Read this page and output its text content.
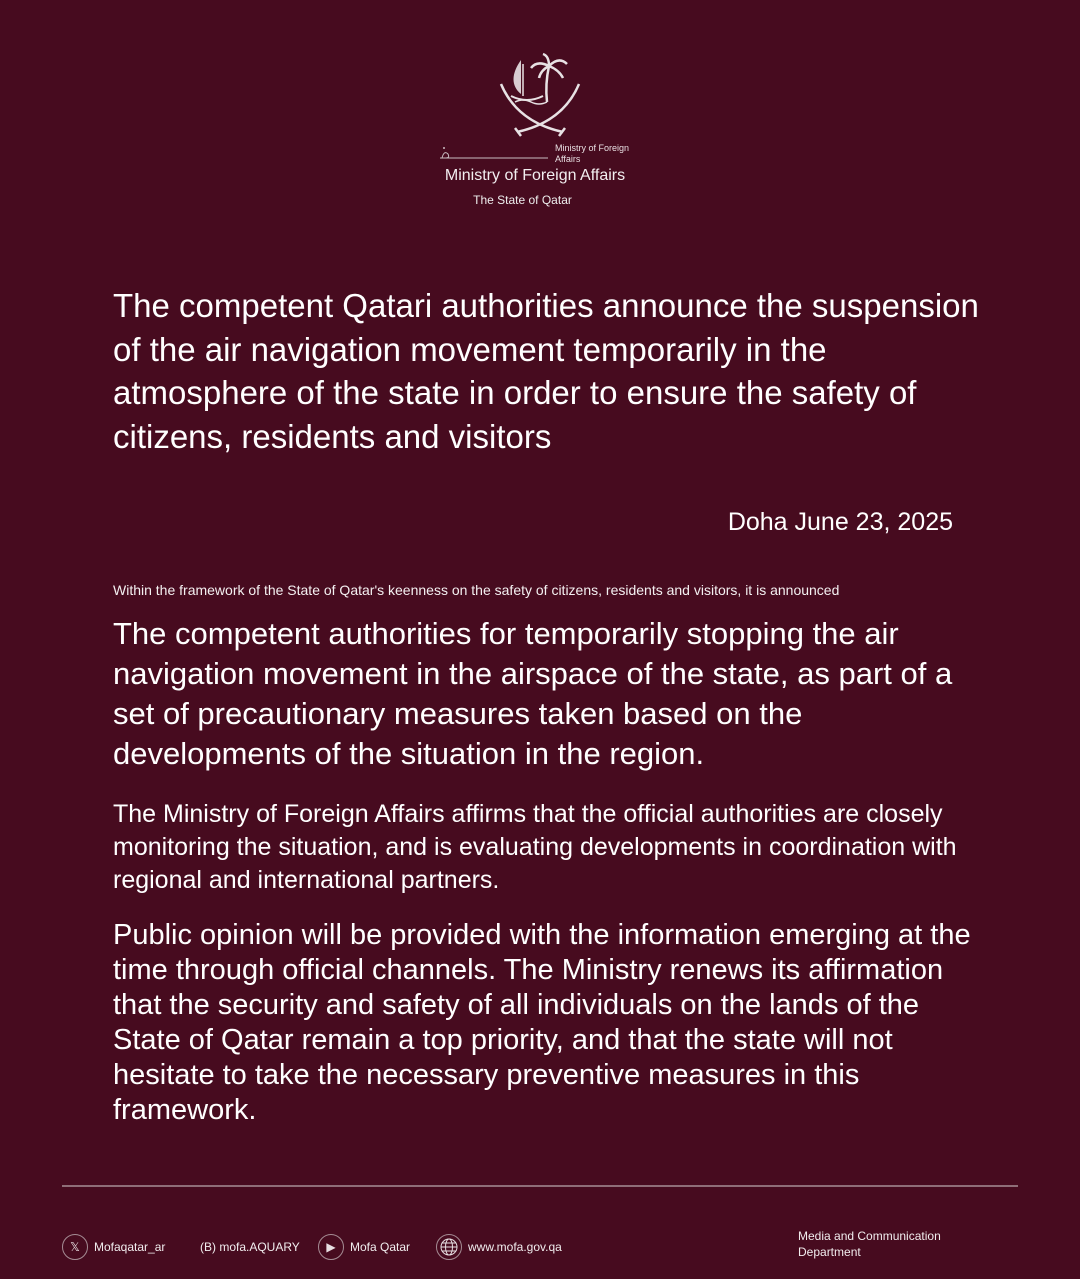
Ministry of Foreign Affairs
Ministry of Foreign Affairs
The State of Qatar

The competent Qatari authorities announce the suspension of the air navigation movement temporarily in the atmosphere of the state in order to ensure the safety of citizens, residents and visitors

Doha June 23, 2025
Within the framework of the State of Qatar's keenness on the safety of citizens, residents and visitors, it is announced

The competent authorities for temporarily stopping the air navigation movement in the airspace of the state, as part of a set of precautionary measures taken based on the developments of the situation in the region.

The Ministry of Foreign Affairs affirms that the official authorities are closely monitoring the situation, and is evaluating developments in coordination with regional and international partners.

Public opinion will be provided with the information emerging at the time through official channels. The Ministry renews its affirmation that the security and safety of all individuals on the lands of the State of Qatar remain a top priority, and that the state will not hesitate to take the necessary preventive measures in this framework.

𝕏	Mofaqatar_ar	(B) mofa.AQUARY	▶	Mofa Qatar	www.mofa.gov.qa
Media and Communication Department
